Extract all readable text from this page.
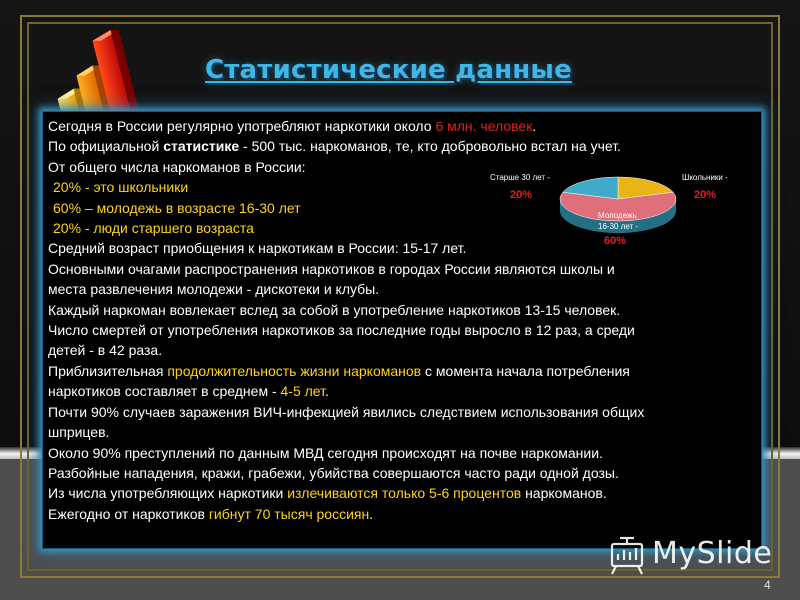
Статистические данные
Сегодня в России регулярно употребляют наркотики около 6 млн. человек.
По официальной статистике - 500 тыс. наркоманов, те, кто добровольно встал на учет.
От общего числа наркоманов в России:
20% - это школьники
60% – молодежь в возрасте 16-30 лет
20% - люди старшего возраста
Средний возраст приобщения к наркотикам в России: 15-17 лет.
Основными очагами распространения наркотиков в городах России являются школы и
места развлечения молодежи - дискотеки и клубы.
Каждый наркоман вовлекает вслед за собой в употребление наркотиков 13-15 человек.
Число смертей от употребления наркотиков за последние годы выросло в 12 раз, а среди
детей - в 42 раза.
Приблизительная продолжительность жизни наркоманов с момента начала потребления
наркотиков составляет в среднем - 4-5 лет.
Почти 90% случаев заражения ВИЧ-инфекцией явились следствием использования общих
шприцев.
Около 90% преступлений по данным МВД сегодня происходят на почве наркомании.
Разбойные нападения, кражи, грабежи, убийства совершаются часто ради одной дозы.
Из числа употребляющих наркотики излечиваются только 5-6 процентов наркоманов.
Ежегодно от наркотиков гибнут 70 тысяч россиян.
Старше 30 лет -
20%
Школьники -
20%
Молодежь
16-30 лет -
60%
MySlide
4
